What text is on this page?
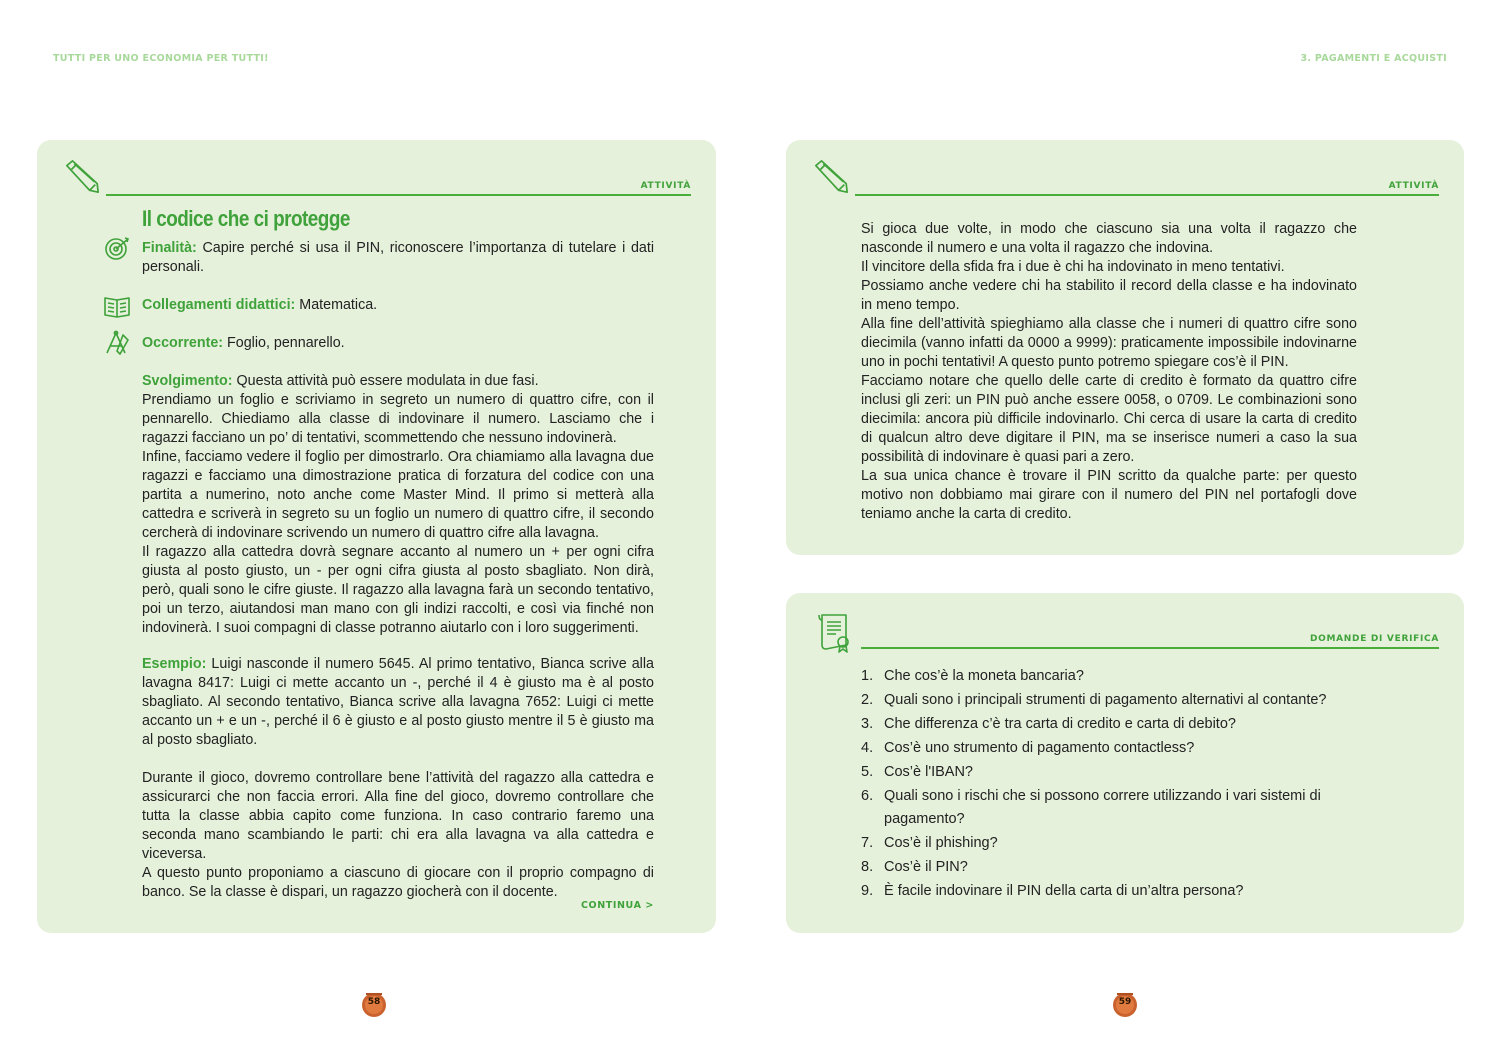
TUTTI PER UNO ECONOMIA PER TUTTI!	3. PAGAMENTI E ACQUISTI
ATTIVITÀ
Il codice che ci protegge

Finalità: Capire perché si usa il PIN, riconoscere l’importanza di tutelare i dati personali.

Collegamenti didattici: Matematica.

Occorrente: Foglio, pennarello.

Svolgimento: Questa attività può essere modulata in due fasi.

Prendiamo un foglio e scriviamo in segreto un numero di quattro cifre, con il pennarello. Chiediamo alla classe di indovinare il numero. Lasciamo che i ragazzi facciano un po’ di tentativi, scommettendo che nessuno indovinerà.

Infine, facciamo vedere il foglio per dimostrarlo. Ora chiamiamo alla lavagna due ragazzi e facciamo una dimostrazione pratica di forzatura del codice con una partita a numerino, noto anche come Master Mind. Il primo si metterà alla cattedra e scriverà in segreto su un foglio un numero di quattro cifre, il secondo cercherà di indovinare scrivendo un numero di quattro cifre alla lavagna.

Il ragazzo alla cattedra dovrà segnare accanto al numero un + per ogni cifra giusta al posto giusto, un - per ogni cifra giusta al posto sbagliato. Non dirà, però, quali sono le cifre giuste. Il ragazzo alla lavagna farà un secondo tentativo, poi un terzo, aiutandosi man mano con gli indizi raccolti, e così via finché non indovinerà. I suoi compagni di classe potranno aiutarlo con i loro suggerimenti.

Esempio: Luigi nasconde il numero 5645. Al primo tentativo, Bianca scrive alla lavagna 8417: Luigi ci mette accanto un -, perché il 4 è giusto ma è al posto sbagliato. Al secondo tentativo, Bianca scrive alla lavagna 7652: Luigi ci mette accanto un + e un -, perché il 6 è giusto e al posto giusto mentre il 5 è giusto ma al posto sbagliato.

Durante il gioco, dovremo controllare bene l’attività del ragazzo alla cattedra e assicurarci che non faccia errori. Alla fine del gioco, dovremo controllare che tutta la classe abbia capito come funziona. In caso contrario faremo una seconda mano scambiando le parti: chi era alla lavagna va alla cattedra e viceversa.

A questo punto proponiamo a ciascuno di giocare con il proprio compagno di banco. Se la classe è dispari, un ragazzo giocherà con il docente.

CONTINUA >
ATTIVITÀ

Si gioca due volte, in modo che ciascuno sia una volta il ragazzo che nasconde il numero e una volta il ragazzo che indovina.

Il vincitore della sfida fra i due è chi ha indovinato in meno tentativi.

Possiamo anche vedere chi ha stabilito il record della classe e ha indovinato in meno tempo.

Alla fine dell’attività spieghiamo alla classe che i numeri di quattro cifre sono diecimila (vanno infatti da 0000 a 9999): praticamente impossibile indovinarne uno in pochi tentativi! A questo punto potremo spiegare cos’è il PIN.

Facciamo notare che quello delle carte di credito è formato da quattro cifre inclusi gli zeri: un PIN può anche essere 0058, o 0709. Le combinazioni sono diecimila: ancora più difficile indovinarlo. Chi cerca di usare la carta di credito di qualcun altro deve digitare il PIN, ma se inserisce numeri a caso la sua possibilità di indovinare è quasi pari a zero.

La sua unica chance è trovare il PIN scritto da qualche parte: per questo motivo non dobbiamo mai girare con il numero del PIN nel portafogli dove teniamo anche la carta di credito.

DOMANDE DI VERIFICA
1. Che cos’è la moneta bancaria?
2. Quali sono i principali strumenti di pagamento alternativi al contante?
3. Che differenza c’è tra carta di credito e carta di debito?
4. Cos’è uno strumento di pagamento contactless?
5. Cos’è l'IBAN?
6. Quali sono i rischi che si possono correre utilizzando i vari sistemi di pagamento?
7. Cos’è il phishing?
8. Cos’è il PIN?
9. È facile indovinare il PIN della carta di un’altra persona?
58	59
